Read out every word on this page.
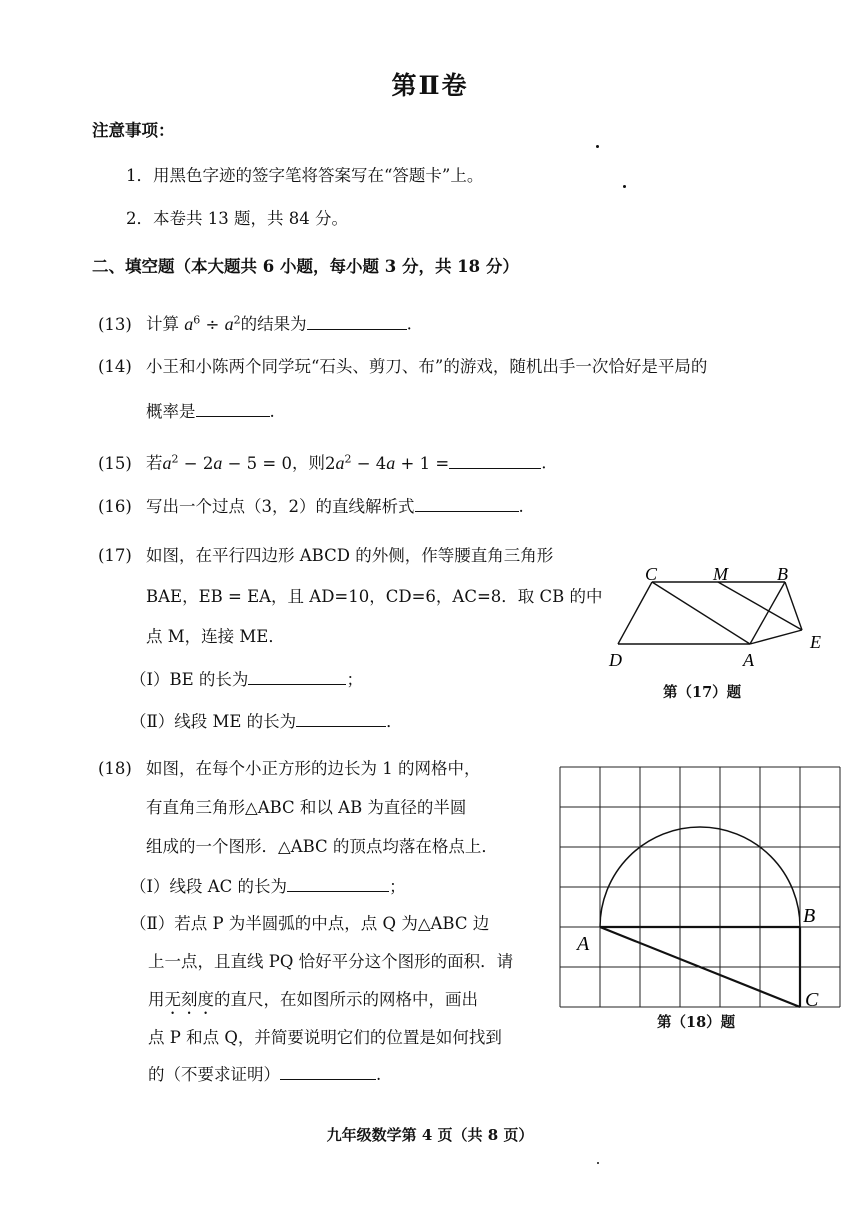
第Ⅱ卷
注意事项：
1．用黑色字迹的签字笔将答案写在“答题卡”上。
2．本卷共 13 题，共 84 分。
二、填空题（本大题共 6 小题，每小题 3 分，共 18 分）
(13) 计算 $a^6 \div a^2$的结果为	.
(14) 小王和小陈两个同学玩“石头、剪刀、布”的游戏，随机出手一次恰好是平局的
概率是	.
(15) 若$a^2 - 2a - 5 = 0$，则$2a^2 - 4a + 1$ =	.
(16) 写出一个过点（3，2）的直线解析式	.
(17) 如图，在平行四边形 ABCD 的外侧，作等腰直角三角形
BAE，EB = EA，且 AD=10，CD=6，AC=8．取 CB 的中
点 M，连接 ME．
（Ⅰ）BE 的长为	；
（Ⅱ）线段 ME 的长为	．
C	M	B
E
D	A
第（17）题
(18) 如图，在每个小正方形的边长为 1 的网格中，
有直角三角形△ABC 和以 AB 为直径的半圆
组成的一个图形．△ABC 的顶点均落在格点上．
（Ⅰ）线段 AC 的长为	；
（Ⅱ）若点 P 为半圆弧的中点，点 Q 为△ABC 边
上一点，且直线 PQ 恰好平分这个图形的面积．请
用无刻度的直尺，在如图所示的网格中，画出
点 P 和点 Q，并简要说明它们的位置是如何找到
的（不要求证明）	.
A
B
C
第（18）题
九年级数学第 4 页（共 8 页）
